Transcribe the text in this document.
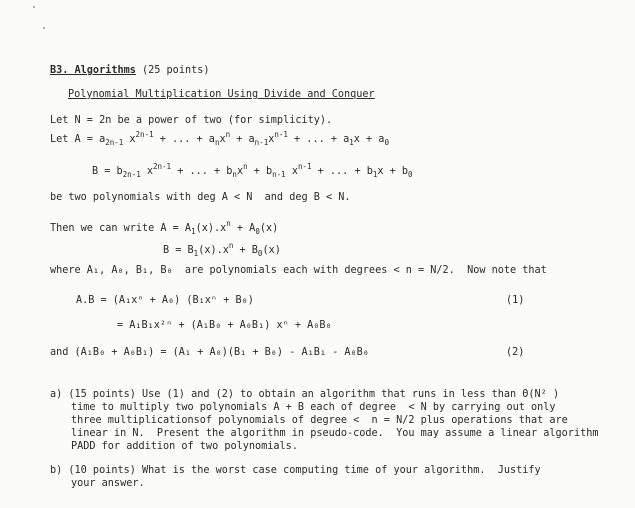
B3. Algorithms (25 points)
Polynomial Multiplication Using Divide and Conquer
Let N = 2n be a power of two (for simplicity).
Let $A = a_{2n-1}$ $x^{2n-1}$ + ... + $a_nx^n + a_{n-1}x^{n-1}$ + ... + $a_1x + a_0$
$B = b_{2n-1}$ $x^{2n-1}$ + ... + $b_nx^n + b_{n-1}$ $x^{n-1}$ + ... + $b_1x + b_0$
be two polynomials with deg A < N  and deg B < N.
Then we can write $A = A_1(x).x^n + A_0(x)$
$B = B_1(x).x^n + B_0(x)$
where A₁, A₀, B₁, B₀  are polynomials each with degrees < n = N/2.  Now note that
A.B = (A₁xⁿ + A₀) (B₁xⁿ + B₀)	(1)
= A₁B₁x²ⁿ + (A₁B₀ + A₀B₁) xⁿ + A₀B₀
and (A₁B₀ + A₀B₁) = (A₁ + A₀)(B₁ + B₀) - A₁B₁ - A₀B₀	(2)
a) (15 points) Use (1) and (2) to obtain an algorithm that runs in less than Θ(N² )
time to multiply two polynomials A + B each of degree  < N by carrying out only
three multiplicationsof polynomials of degree <  n = N/2 plus operations that are
linear in N.  Present the algorithm in pseudo-code.  You may assume a linear algorithm
PADD for addition of two polynomials.
b) (10 points) What is the worst case computing time of your algorithm.  Justify
your answer.
